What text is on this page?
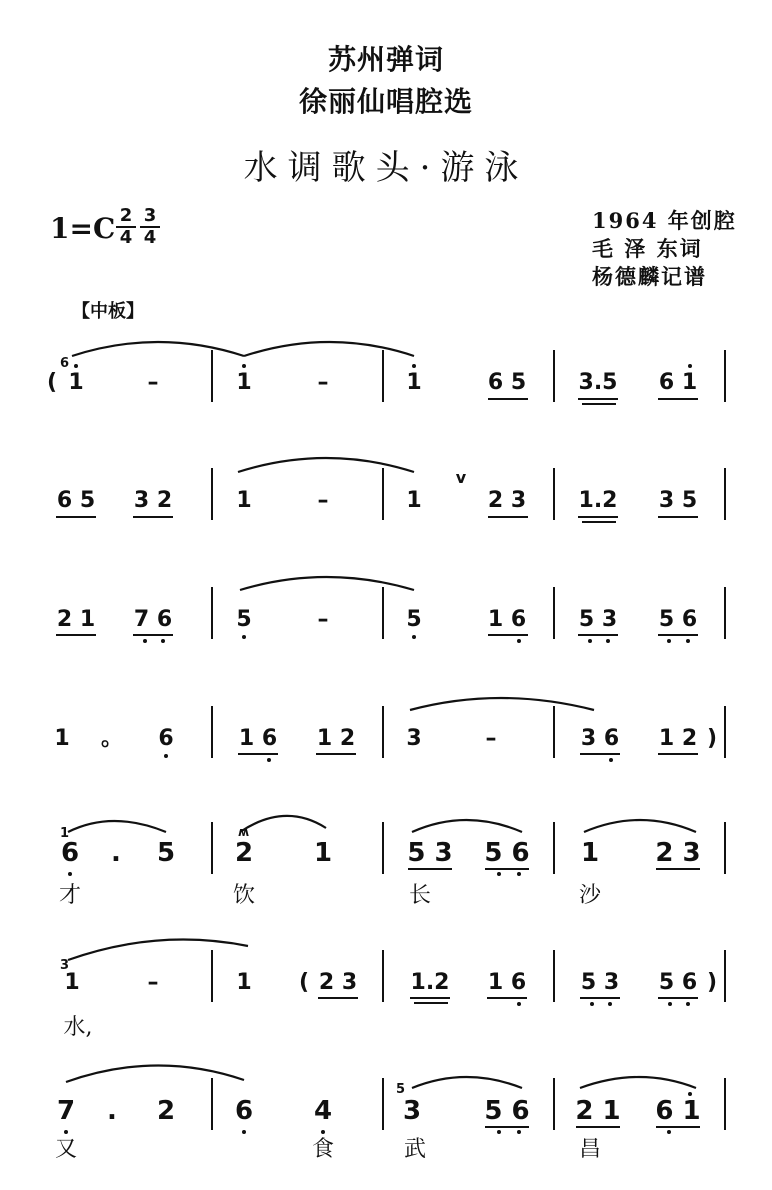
苏州弹词
徐丽仙唱腔选
水调歌头·游泳
1=C 2
4
3
4
1964 年创腔
毛 泽 东词
杨德麟记谱
【中板】
(
6
1	–	1	–	1	6 5 3.5 6 1
6 5 3 2	1	–	1
v
2 3 1.2 3 5
2 1 7 6	5	–	5	1 6 5 3 5 6
1 。 6	1 6 1 2 3	–	3 6 1 2 )
1
6 . 5
ʍ
2 1	5 3 5 6 1 2 3
才	饮	长	沙
3
1	–	1 ( 2 3 1.2 1 6 5 3 5 6 )
水,
7 . 2 6 4
5
3 5 6 2 1 6 1
又	食	武	昌
